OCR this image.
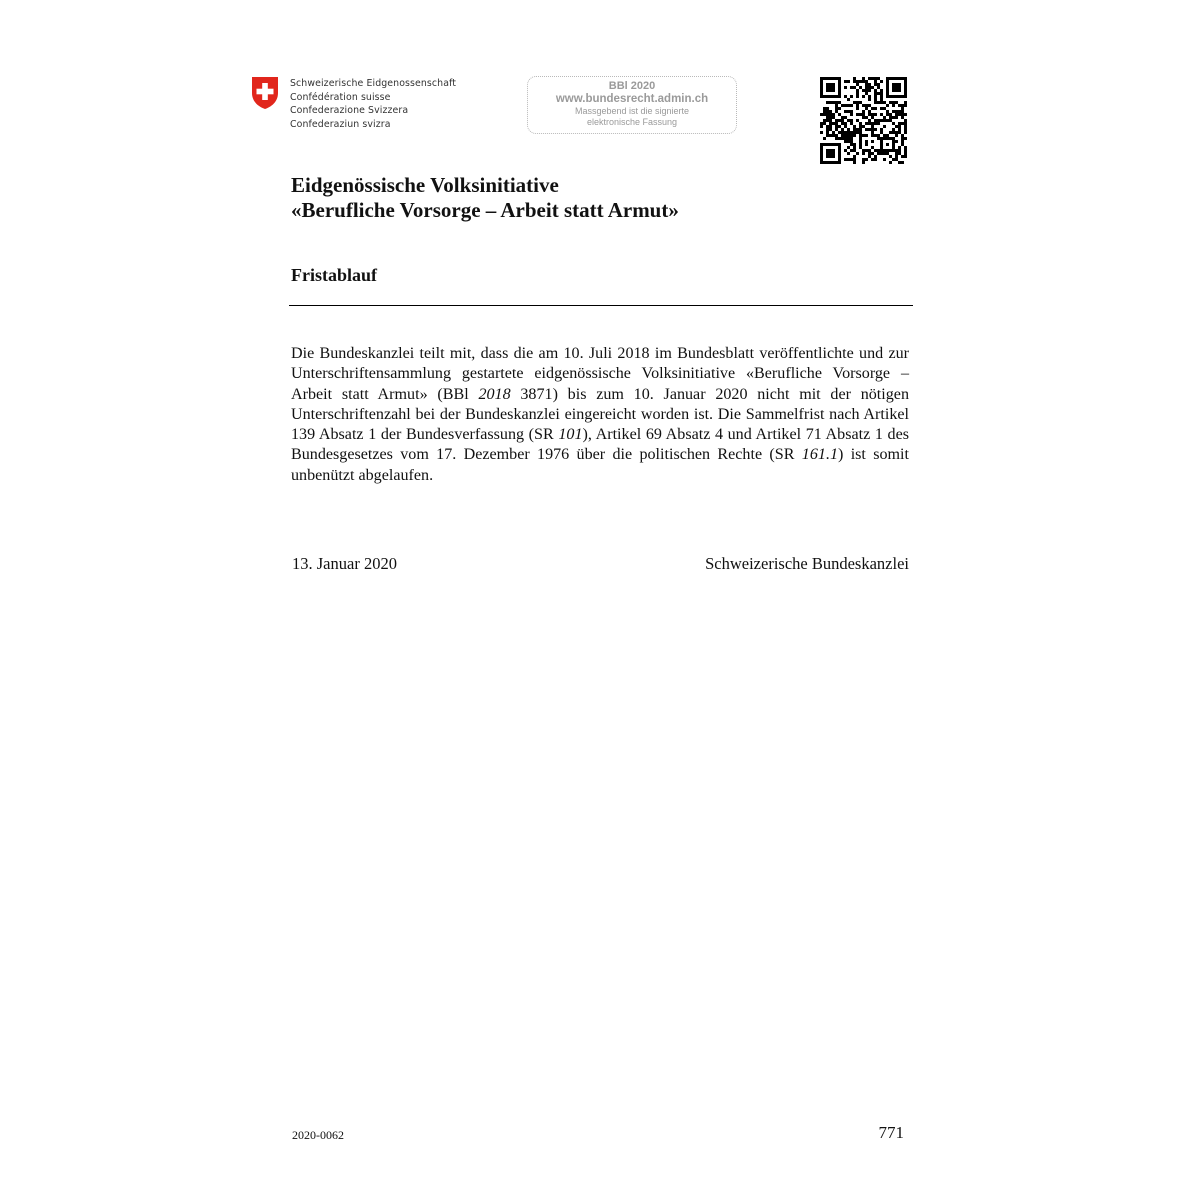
Schweizerische Eidgenossenschaft
Confédération suisse
Confederazione Svizzera
Confederaziun svizra
BBl 2020
www.bundesrecht.admin.ch
Massgebend ist die signierte
elektronische Fassung
Eidgenössische Volksinitiative
«Berufliche Vorsorge – Arbeit statt Armut»
Fristablauf
Die Bundeskanzlei teilt mit, dass die am 10. Juli 2018 im Bundesblatt veröffentlichte und zur Unterschriftensammlung gestartete eidgenössische Volksinitiative «Berufliche Vorsorge – Arbeit statt Armut» (BBl 2018 3871) bis zum 10. Januar 2020 nicht mit der nötigen Unterschriftenzahl bei der Bundeskanzlei eingereicht worden ist. Die Sammelfrist nach Artikel 139 Absatz 1 der Bundesverfassung (SR 101), Artikel 69 Absatz 4 und Artikel 71 Absatz 1 des Bundesgesetzes vom 17. Dezember 1976 über die politischen Rechte (SR 161.1) ist somit unbenützt abgelaufen.
13. Januar 2020	Schweizerische Bundeskanzlei
2020-0062	771
